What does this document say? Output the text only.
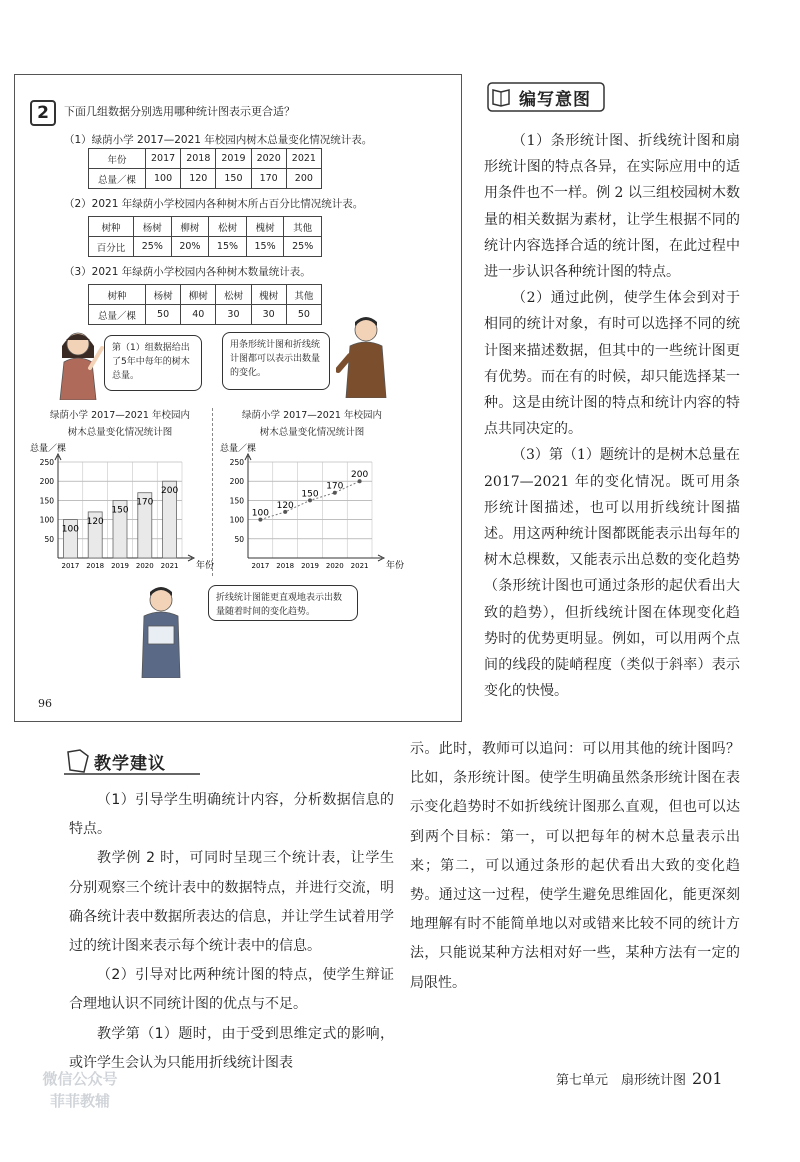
2	下面几组数据分别选用哪种统计图表示更合适？
（1）绿荫小学 2017—2021 年校园内树木总量变化情况统计表。
年份	2017	2018	2019	2020	2021
总量／棵	100	120	150	170	200
（2）2021 年绿荫小学校园内各种树木所占百分比情况统计表。
树种	杨树	柳树	松树	槐树	其他
百分比	25%	20%	15%	15%	25%
（3）2021 年绿荫小学校园内各种树木数量统计表。
树种	杨树	柳树	松树	槐树	其他
总量／棵	50	40	30	30	50
第（1）组数据给出了5年中每年的树木总量。
用条形统计图和折线统计图都可以表示出数量的变化。
绿荫小学 2017—2021 年校园内
树木总量变化情况统计图
总量／棵
50
100
150
200
250
年份
2017
100
2018
120
2019
150
2020
170
2021
200
绿荫小学 2017—2021 年校园内
树木总量变化情况统计图
总量／棵
50
100
150
200
250
年份
2017 2018 2019 2020 2021
100
120
150
170
200
折线统计图能更直观地表示出数量随着时间的变化趋势。
96
编写意图

（1）条形统计图、折线统计图和扇形统计图的特点各异，在实际应用中的适用条件也不一样。例 2 以三组校园树木数量的相关数据为素材，让学生根据不同的统计内容选择合适的统计图，在此过程中进一步认识各种统计图的特点。

（2）通过此例，使学生体会到对于相同的统计对象，有时可以选择不同的统计图来描述数据，但其中的一些统计图更有优势。而在有的时候，却只能选择某一种。这是由统计图的特点和统计内容的特点共同决定的。

（3）第（1）题统计的是树木总量在 2017—2021 年的变化情况。既可用条形统计图描述，也可以用折线统计图描述。用这两种统计图都既能表示出每年的树木总棵数，又能表示出总数的变化趋势（条形统计图也可通过条形的起伏看出大致的趋势），但折线统计图在体现变化趋势时的优势更明显。例如，可以用两个点间的线段的陡峭程度（类似于斜率）表示变化的快慢。

教学建议

（1）引导学生明确统计内容，分析数据信息的特点。

教学例 2 时，可同时呈现三个统计表，让学生分别观察三个统计表中的数据特点，并进行交流，明确各统计表中数据所表达的信息，并让学生试着用学过的统计图来表示每个统计表中的信息。

（2）引导对比两种统计图的特点，使学生辩证合理地认识不同统计图的优点与不足。

教学第（1）题时，由于受到思维定式的影响，或许学生会认为只能用折线统计图表

示。此时，教师可以追问：可以用其他的统计图吗？比如，条形统计图。使学生明确虽然条形统计图在表示变化趋势时不如折线统计图那么直观，但也可以达到两个目标：第一，可以把每年的树木总量表示出来；第二，可以通过条形的起伏看出大致的变化趋势。通过这一过程，使学生避免思维固化，能更深刻地理解有时不能简单地以对或错来比较不同的统计方法，只能说某种方法相对好一些，某种方法有一定的局限性。
第七单元　扇形统计图 201
微信公众号
菲菲教辅
